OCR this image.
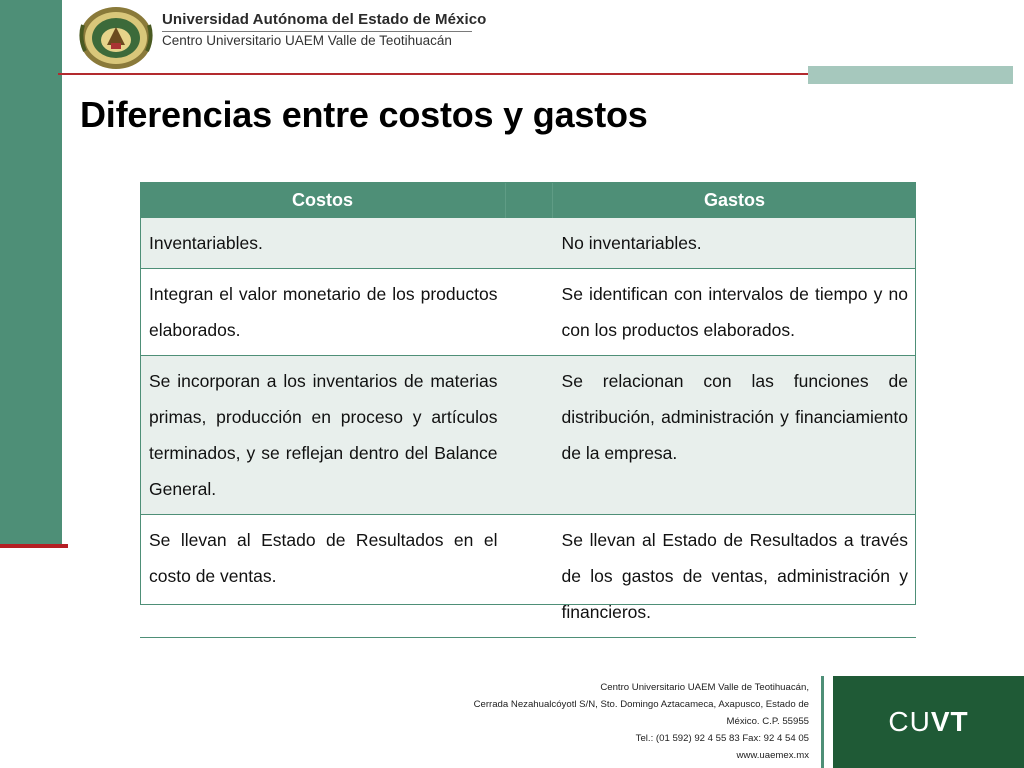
Universidad Autónoma del Estado de México
Centro Universitario UAEM Valle de Teotihuacán
Diferencias entre costos y gastos
Costos		Gastos
Inventariables.		No inventariables.
Integran el valor monetario de los productos elaborados.		Se identifican con intervalos de tiempo y no con los productos elaborados.
Se incorporan a los inventarios de materias primas, producción en proceso y artículos terminados, y se reflejan dentro del Balance General.		Se relacionan con las funciones de distribución, administración y financiamiento de la empresa.
Se llevan al Estado de Resultados en el costo de ventas.		Se llevan al Estado de Resultados a través de los gastos de ventas, administración y financieros.
Centro Universitario UAEM Valle de Teotihuacán,
Cerrada Nezahualcóyotl S/N, Sto. Domingo Aztacameca, Axapusco, Estado de
México. C.P. 55955
Tel.: (01 592) 92 4 55 83 Fax: 92 4 54 05
www.uaemex.mx
CUVT
